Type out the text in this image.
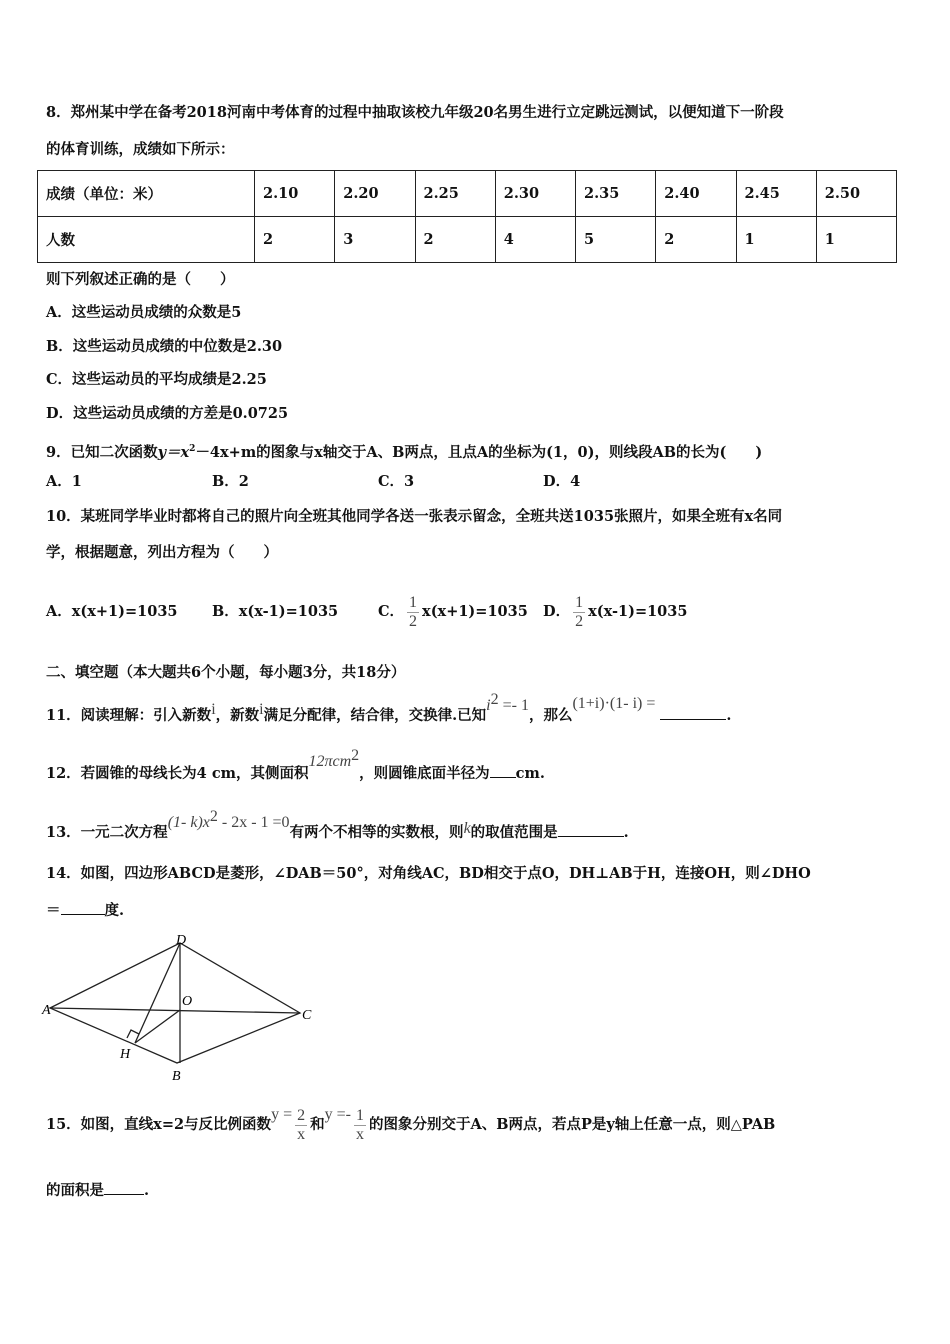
8．郑州某中学在备考2018河南中考体育的过程中抽取该校九年级20名男生进行立定跳远测试，以便知道下一阶段
的体育训练，成绩如下所示：
成绩（单位：米）	2.10	2.20	2.25	2.30	2.35	2.40	2.45	2.50
人数	2	3	2	4	5	2	1	1
则下列叙述正确的是（　　）
A．这些运动员成绩的众数是5
B．这些运动员成绩的中位数是2.30
C．这些运动员的平均成绩是2.25
D．这些运动员成绩的方差是0.0725
9．已知二次函数$y=x^2-4x+m$的图象与x轴交于A、B两点，且点A的坐标为(1，0)，则线段AB的长为(　　)
A．1	B．2	C．3	D．4
10．某班同学毕业时都将自己的照片向全班其他同学各送一张表示留念，全班共送1035张照片，如果全班有x名同
学，根据题意，列出方程为（　　）
A．x(x+1)=1035 B．x(x-1)=1035	C． $\frac{1}{2} x(x+1)=1035$ D． $\frac{1}{2} x(x-1)=1035$
二、填空题（本大题共6个小题，每小题3分，共18分）
11．阅读理解：引入新数$^i$，新数$^i$满足分配律，结合律，交换律.已知$i^2 =- 1$，那么(1+i)·(1- i) = .
12．若圆锥的母线长为4 cm，其侧面积12πcm$^2$，则圆锥底面半径为 cm.
13．一元二次方程(1- $k)x^2 - 2x - 1 =0$有两个不相等的实数根，则k的取值范围是	.
14．如图，四边形ABCD是菱形，∠DAB＝50°，对角线AC，BD相交于点O，DH⊥AB于H，连接OH，则∠DHO
＝	度.
A
D
C
B
O
H
15．如图，直线x=2与反比例函数$y = \frac{2}{x}$ 和$y =- \frac{1}{x}$ 的图象分别交于A、B两点，若点P是y轴上任意一点，则△PAB
的面积是	.
